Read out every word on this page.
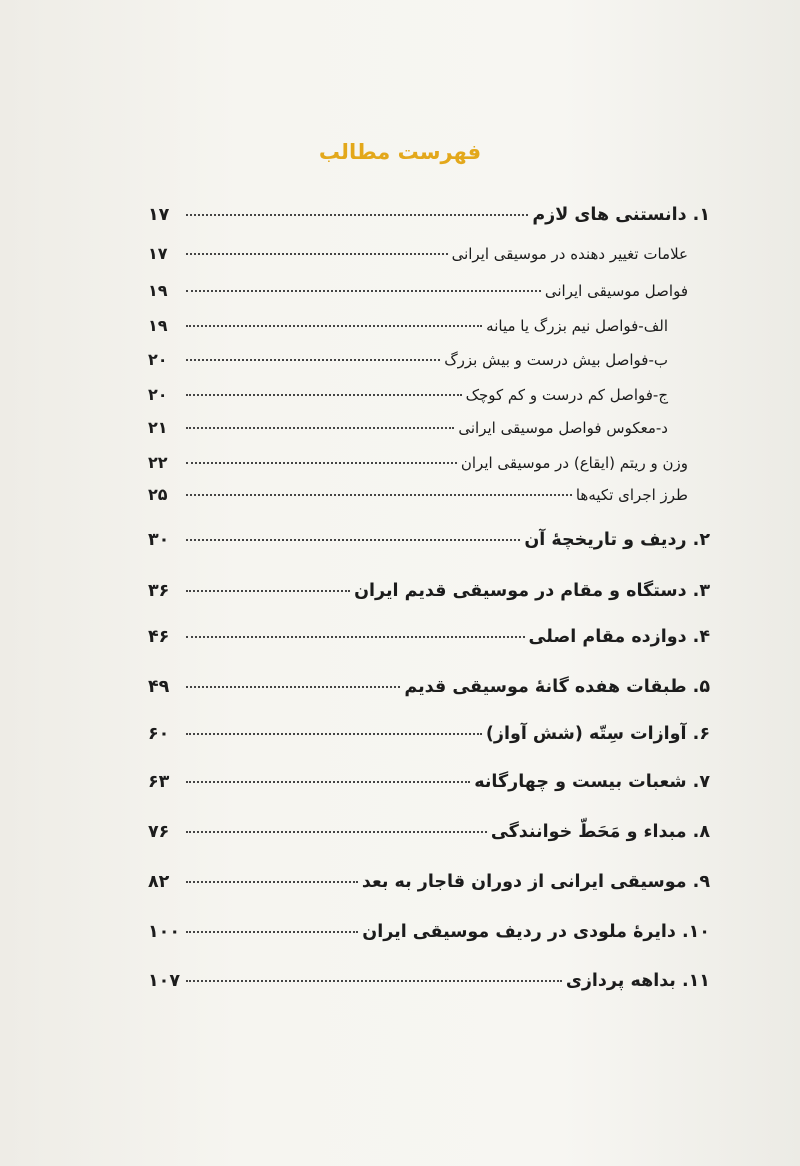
فهرست مطالب
۱. دانستنی های لازم
۱۷
علامات تغییر دهنده در موسیقی ایرانی
۱۷
فواصل موسیقی ایرانی
۱۹
الف-فواصل نیم بزرگ یا میانه
۱۹
ب-فواصل بیش درست و بیش بزرگ
۲۰
ج-فواصل کم درست و کم کوچک
۲۰
د-معکوس فواصل موسیقی ایرانی
۲۱
وزن و ریتم (ایقاع) در موسیقی ایران
۲۲
طرز اجرای تکیه‌ها
۲۵
۲. ردیف و تاریخچهٔ آن
۳۰
۳. دستگاه و مقام در موسیقی قدیم ایران
۳۶
۴. دوازده مقام اصلی
۴۶
۵. طبقات هفده گانهٔ موسیقی قدیم
۴۹
۶. آوازات سِتّه (شش آواز)
۶۰
۷. شعبات بیست و چهارگانه
۶۳
۸. مبداء و مَحَطّ خوانندگی
۷۶
۹. موسیقی ایرانی از دوران قاجار به بعد
۸۲
۱۰. دایرهٔ ملودی در ردیف موسیقی ایران
۱۰۰
۱۱. بداهه پردازی
۱۰۷
